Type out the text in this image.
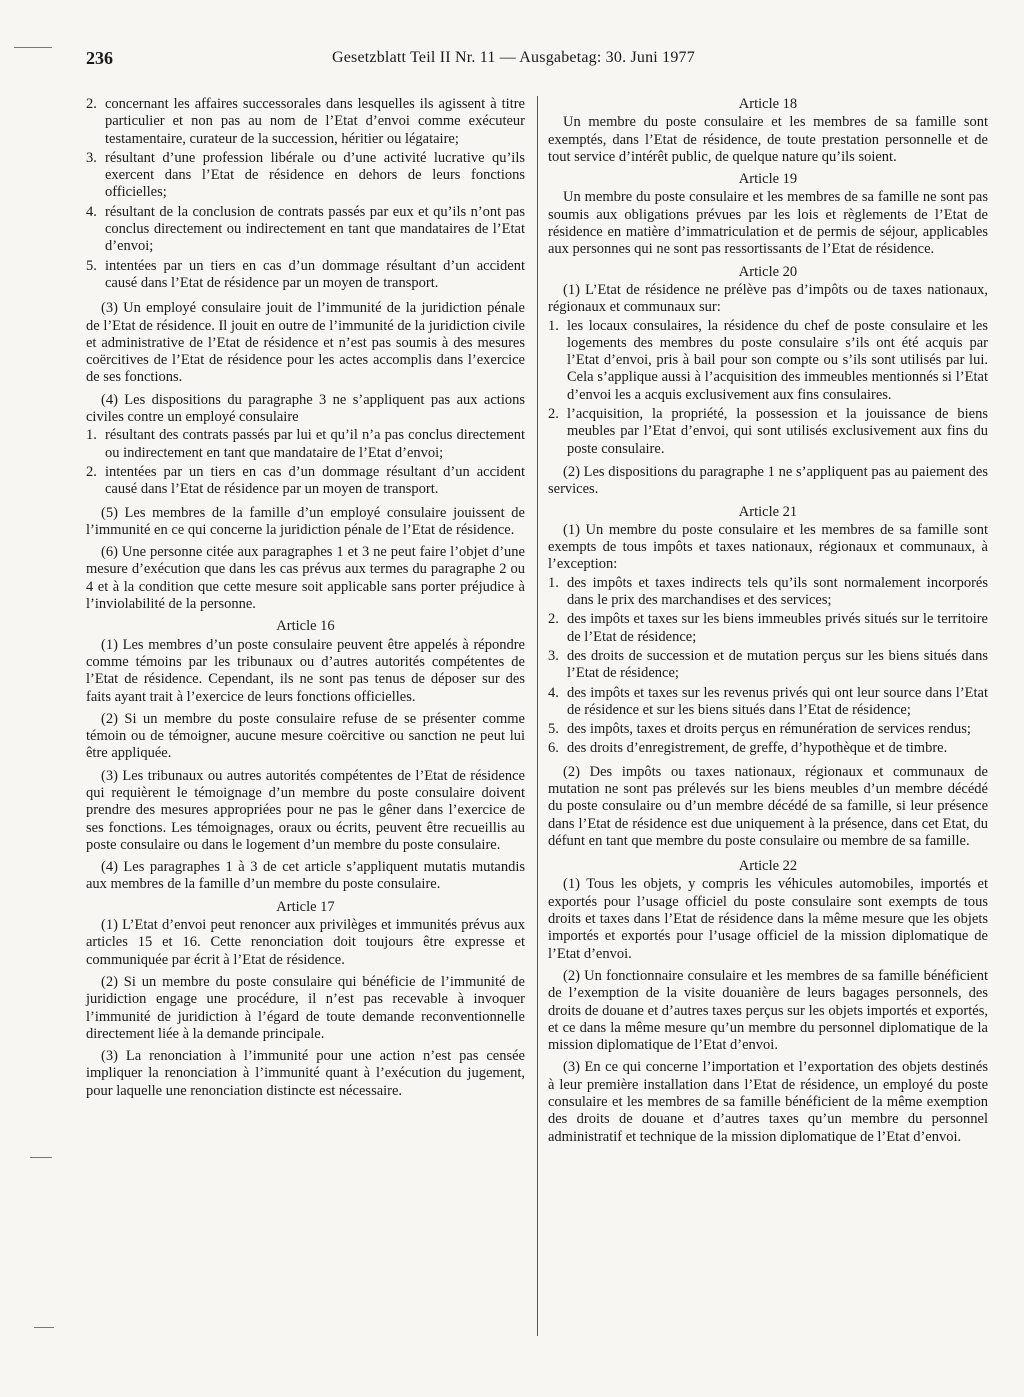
236	Gesetzblatt Teil II Nr. 11 — Ausgabetag: 30. Juni 1977
2. concernant les affaires successorales dans lesquelles ils agissent à titre particulier et non pas au nom de l’Etat d’envoi comme exécuteur testamentaire, curateur de la succession, héritier ou légataire;
3. résultant d’une profession libérale ou d’une activité lucrative qu’ils exercent dans l’Etat de résidence en dehors de leurs fonctions officielles;
4. résultant de la conclusion de contrats passés par eux et qu’ils n’ont pas conclus directement ou indirectement en tant que mandataires de l’Etat d’envoi;
5. intentées par un tiers en cas d’un dommage résultant d’un accident causé dans l’Etat de résidence par un moyen de transport.

(3) Un employé consulaire jouit de l’immunité de la juridiction pénale de l’Etat de résidence. Il jouit en outre de l’immunité de la juridiction civile et administrative de l’Etat de résidence et n’est pas soumis à des mesures coërcitives de l’Etat de résidence pour les actes accomplis dans l’exercice de ses fonctions.

(4) Les dispositions du paragraphe 3 ne s’appliquent pas aux actions civiles contre un employé consulaire

1. résultant des contrats passés par lui et qu’il n’a pas conclus directement ou indirectement en tant que mandataire de l’Etat d’envoi;
2. intentées par un tiers en cas d’un dommage résultant d’un accident causé dans l’Etat de résidence par un moyen de transport.

(5) Les membres de la famille d’un employé consulaire jouissent de l’immunité en ce qui concerne la juridiction pénale de l’Etat de résidence.

(6) Une personne citée aux paragraphes 1 et 3 ne peut faire l’objet d’une mesure d’exécution que dans les cas prévus aux termes du paragraphe 2 ou 4 et à la condition que cette mesure soit applicable sans porter préjudice à l’inviolabilité de la personne.

Article 16

(1) Les membres d’un poste consulaire peuvent être appelés à répondre comme témoins par les tribunaux ou d’autres autorités compétentes de l’Etat de résidence. Cependant, ils ne sont pas tenus de déposer sur des faits ayant trait à l’exercice de leurs fonctions officielles.

(2) Si un membre du poste consulaire refuse de se présenter comme témoin ou de témoigner, aucune mesure coërcitive ou sanction ne peut lui être appliquée.

(3) Les tribunaux ou autres autorités compétentes de l’Etat de résidence qui requièrent le témoignage d’un membre du poste consulaire doivent prendre des mesures appropriées pour ne pas le gêner dans l’exercice de ses fonctions. Les témoignages, oraux ou écrits, peuvent être recueillis au poste consulaire ou dans le logement d’un membre du poste consulaire.

(4) Les paragraphes 1 à 3 de cet article s’appliquent mutatis mutandis aux membres de la famille d’un membre du poste consulaire.

Article 17

(1) L’Etat d’envoi peut renoncer aux privilèges et immunités prévus aux articles 15 et 16. Cette renonciation doit toujours être expresse et communiquée par écrit à l’Etat de résidence.

(2) Si un membre du poste consulaire qui bénéficie de l’immunité de juridiction engage une procédure, il n’est pas recevable à invoquer l’immunité de juridiction à l’égard de toute demande reconventionnelle directement liée à la demande principale.

(3) La renonciation à l’immunité pour une action n’est pas censée impliquer la renonciation à l’immunité quant à l’exécution du jugement, pour laquelle une renonciation distincte est nécessaire.

Article 18

Un membre du poste consulaire et les membres de sa famille sont exemptés, dans l’Etat de résidence, de toute prestation personnelle et de tout service d’intérêt public, de quelque nature qu’ils soient.

Article 19

Un membre du poste consulaire et les membres de sa famille ne sont pas soumis aux obligations prévues par les lois et règlements de l’Etat de résidence en matière d’immatriculation et de permis de séjour, applicables aux personnes qui ne sont pas ressortissants de l’Etat de résidence.

Article 20

(1) L’Etat de résidence ne prélève pas d’impôts ou de taxes nationaux, régionaux et communaux sur:

1. les locaux consulaires, la résidence du chef de poste consulaire et les logements des membres du poste consulaire s’ils ont été acquis par l’Etat d’envoi, pris à bail pour son compte ou s’ils sont utilisés par lui. Cela s’applique aussi à l’acquisition des immeubles mentionnés si l’Etat d’envoi les a acquis exclusivement aux fins consulaires.
2. l’acquisition, la propriété, la possession et la jouissance de biens meubles par l’Etat d’envoi, qui sont utilisés exclusivement aux fins du poste consulaire.

(2) Les dispositions du paragraphe 1 ne s’appliquent pas au paiement des services.

Article 21

(1) Un membre du poste consulaire et les membres de sa famille sont exempts de tous impôts et taxes nationaux, régionaux et communaux, à l’exception:

1. des impôts et taxes indirects tels qu’ils sont normalement incorporés dans le prix des marchandises et des services;
2. des impôts et taxes sur les biens immeubles privés situés sur le territoire de l’Etat de résidence;
3. des droits de succession et de mutation perçus sur les biens situés dans l’Etat de résidence;
4. des impôts et taxes sur les revenus privés qui ont leur source dans l’Etat de résidence et sur les biens situés dans l’Etat de résidence;
5. des impôts, taxes et droits perçus en rémunération de services rendus;
6. des droits d’enregistrement, de greffe, d’hypothèque et de timbre.

(2) Des impôts ou taxes nationaux, régionaux et communaux de mutation ne sont pas prélevés sur les biens meubles d’un membre décédé du poste consulaire ou d’un membre décédé de sa famille, si leur présence dans l’Etat de résidence est due uniquement à la présence, dans cet Etat, du défunt en tant que membre du poste consulaire ou membre de sa famille.

Article 22

(1) Tous les objets, y compris les véhicules automobiles, importés et exportés pour l’usage officiel du poste consulaire sont exempts de tous droits et taxes dans l’Etat de résidence dans la même mesure que les objets importés et exportés pour l’usage officiel de la mission diplomatique de l’Etat d’envoi.

(2) Un fonctionnaire consulaire et les membres de sa famille bénéficient de l’exemption de la visite douanière de leurs bagages personnels, des droits de douane et d’autres taxes perçus sur les objets importés et exportés, et ce dans la même mesure qu’un membre du personnel diplomatique de la mission diplomatique de l’Etat d’envoi.

(3) En ce qui concerne l’importation et l’exportation des objets destinés à leur première installation dans l’Etat de résidence, un employé du poste consulaire et les membres de sa famille bénéficient de la même exemption des droits de douane et d’autres taxes qu’un membre du personnel administratif et technique de la mission diplomatique de l’Etat d’envoi.
